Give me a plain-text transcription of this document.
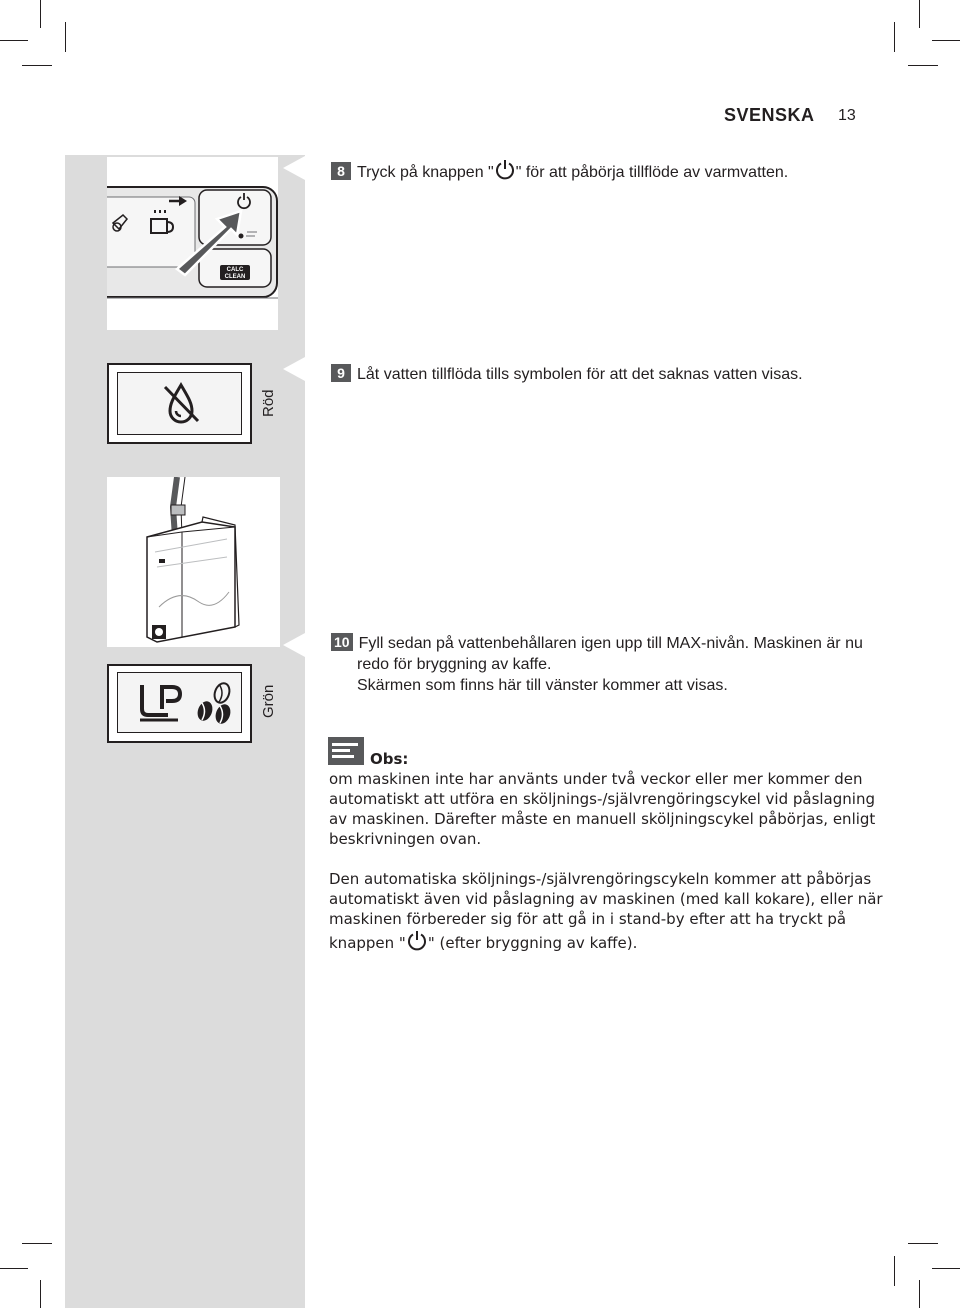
SVENSKA 13
CALC
CLEAN
8 Tryck på knappen " " för att påbörja tillflöde av varmvatten.
Röd
9 Låt vatten tillflöda tills symbolen för att det saknas vatten visas.
Grön
10 Fyll sedan på vattenbehållaren igen upp till MAX-nivån. Maskinen är nu
redo för bryggning av kaffe.
Skärmen som finns här till vänster kommer att visas.
Obs:

om maskinen inte har använts under två veckor eller mer kommer den automatiskt att utföra en sköljnings-/självrengöringscykel vid påslagning av maskinen. Därefter måste en manuell sköljningscykel påbörjas, enligt beskrivningen ovan.

Den automatiska sköljnings-/självrengöringscykeln kommer att påbörjas automatiskt även vid påslagning av maskinen (med kall kokare), eller när maskinen förbereder sig för att gå in i stand-by efter att ha tryckt på knappen " " (efter bryggning av kaffe).
